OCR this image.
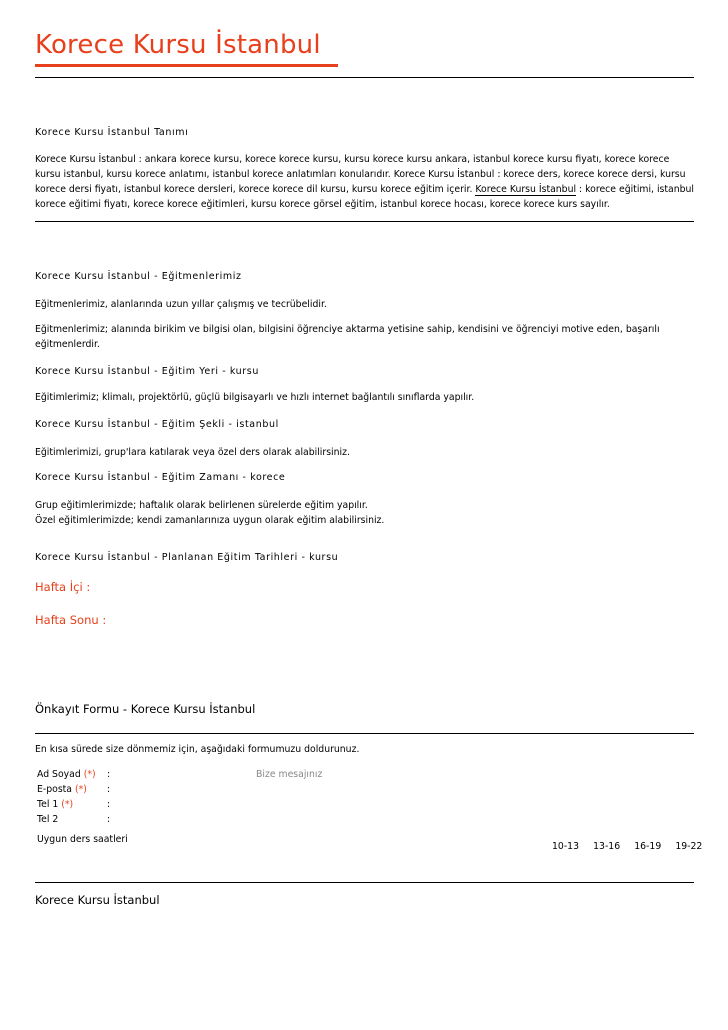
Korece Kursu İstanbul
Korece Kursu İstanbul Tanımı
Korece Kursu İstanbul : ankara korece kursu, korece korece kursu, kursu korece kursu ankara, istanbul korece kursu fiyatı, korece korece kursu istanbul, kursu korece anlatımı, istanbul korece anlatımları konularıdır. Korece Kursu İstanbul : korece ders, korece korece dersi, kursu korece dersi fiyatı, istanbul korece dersleri, korece korece dil kursu, kursu korece eğitim içerir. Korece Kursu İstanbul : korece eğitimi, istanbul korece eğitimi fiyatı, korece korece eğitimleri, kursu korece görsel eğitim, istanbul korece hocası, korece korece kurs sayılır.
Korece Kursu İstanbul - Eğitmenlerimiz
Eğitmenlerimiz, alanlarında uzun yıllar çalışmış ve tecrübelidir.
Eğitmenlerimiz; alanında birikim ve bilgisi olan, bilgisini öğrenciye aktarma yetisine sahip, kendisini ve öğrenciyi motive eden, başarılı eğitmenlerdir.
Korece Kursu İstanbul - Eğitim Yeri - kursu
Eğitimlerimiz; klimalı, projektörlü, güçlü bilgisayarlı ve hızlı internet bağlantılı sınıflarda yapılır.
Korece Kursu İstanbul - Eğitim Şekli - istanbul
Eğitimlerimizi, grup'lara katılarak veya özel ders olarak alabilirsiniz.
Korece Kursu İstanbul - Eğitim Zamanı - korece
Grup eğitimlerimizde; haftalık olarak belirlenen sürelerde eğitim yapılır.
Özel eğitimlerimizde; kendi zamanlarınıza uygun olarak eğitim alabilirsiniz.
Korece Kursu İstanbul - Planlanan Eğitim Tarihleri - kursu
Hafta İçi :
Hafta Sonu :
Önkayıt Formu - Korece Kursu İstanbul
En kısa sürede size dönmemiz için, aşağıdaki formumuzu doldurunuz.
Ad Soyad (*) :
E-posta (*) :
Tel 1 (*)	:
Tel 2	:
Bize mesajınız
Uygun ders saatleri
10-13 13-16 16-19 19-22
Korece Kursu İstanbul
